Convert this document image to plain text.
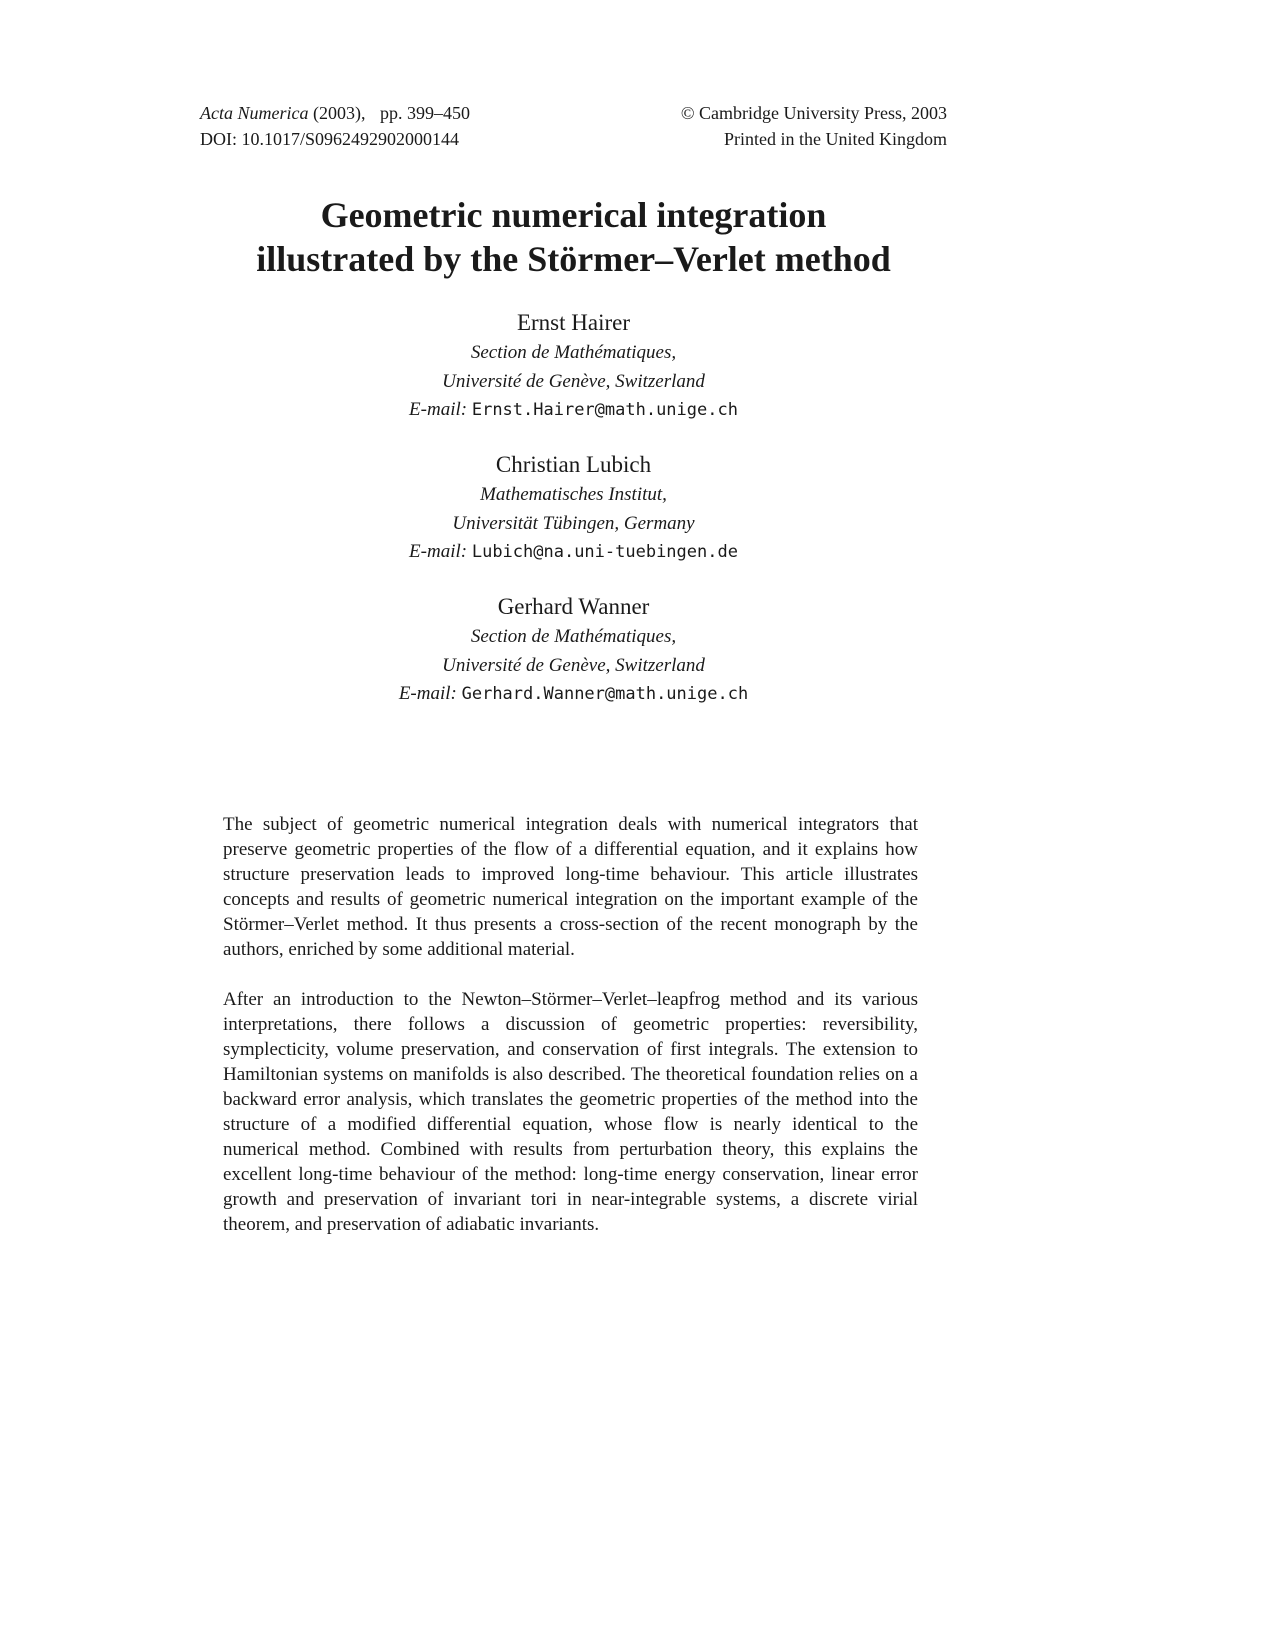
Acta Numerica (2003), pp. 399–450	© Cambridge University Press, 2003
DOI: 10.1017/S0962492902000144	Printed in the United Kingdom
Geometric numerical integration
illustrated by the Störmer–Verlet method
Ernst Hairer
Section de Mathématiques,
Université de Genève, Switzerland
E-mail: Ernst.Hairer@math.unige.ch
Christian Lubich
Mathematisches Institut,
Universität Tübingen, Germany
E-mail: Lubich@na.uni-tuebingen.de
Gerhard Wanner
Section de Mathématiques,
Université de Genève, Switzerland
E-mail: Gerhard.Wanner@math.unige.ch

The subject of geometric numerical integration deals with numerical integrators that preserve geometric properties of the flow of a differential equation, and it explains how structure preservation leads to improved long-time behaviour. This article illustrates concepts and results of geometric numerical integration on the important example of the Störmer–Verlet method. It thus presents a cross-section of the recent monograph by the authors, enriched by some additional material.

After an introduction to the Newton–Störmer–Verlet–leapfrog method and its various interpretations, there follows a discussion of geometric properties: reversibility, symplecticity, volume preservation, and conservation of first integrals. The extension to Hamiltonian systems on manifolds is also described. The theoretical foundation relies on a backward error analysis, which translates the geometric properties of the method into the structure of a modified differential equation, whose flow is nearly identical to the numerical method. Combined with results from perturbation theory, this explains the excellent long-time behaviour of the method: long-time energy conservation, linear error growth and preservation of invariant tori in near-integrable systems, a discrete virial theorem, and preservation of adiabatic invariants.
